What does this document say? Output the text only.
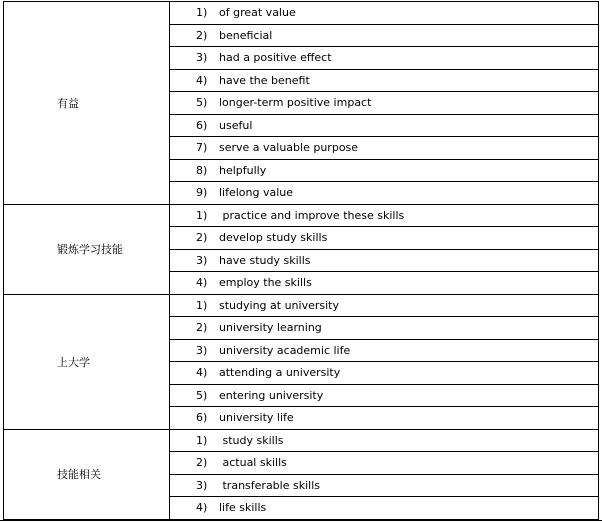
有益	1) of great value
	2) beneficial
	3) had a positive effect
	4) have the benefit
	5) longer-term positive impact
	6) useful
	7) serve a valuable purpose
	8) helpfully
	9) lifelong value
锻炼学习技能	1) practice and improve these skills
	2) develop study skills
	3) have study skills
	4) employ the skills
上大学	1) studying at university
	2) university learning
	3) university academic life
	4) attending a university
	5) entering university
	6) university life
技能相关	1) study skills
	2) actual skills
	3) transferable skills
	4) life skills
